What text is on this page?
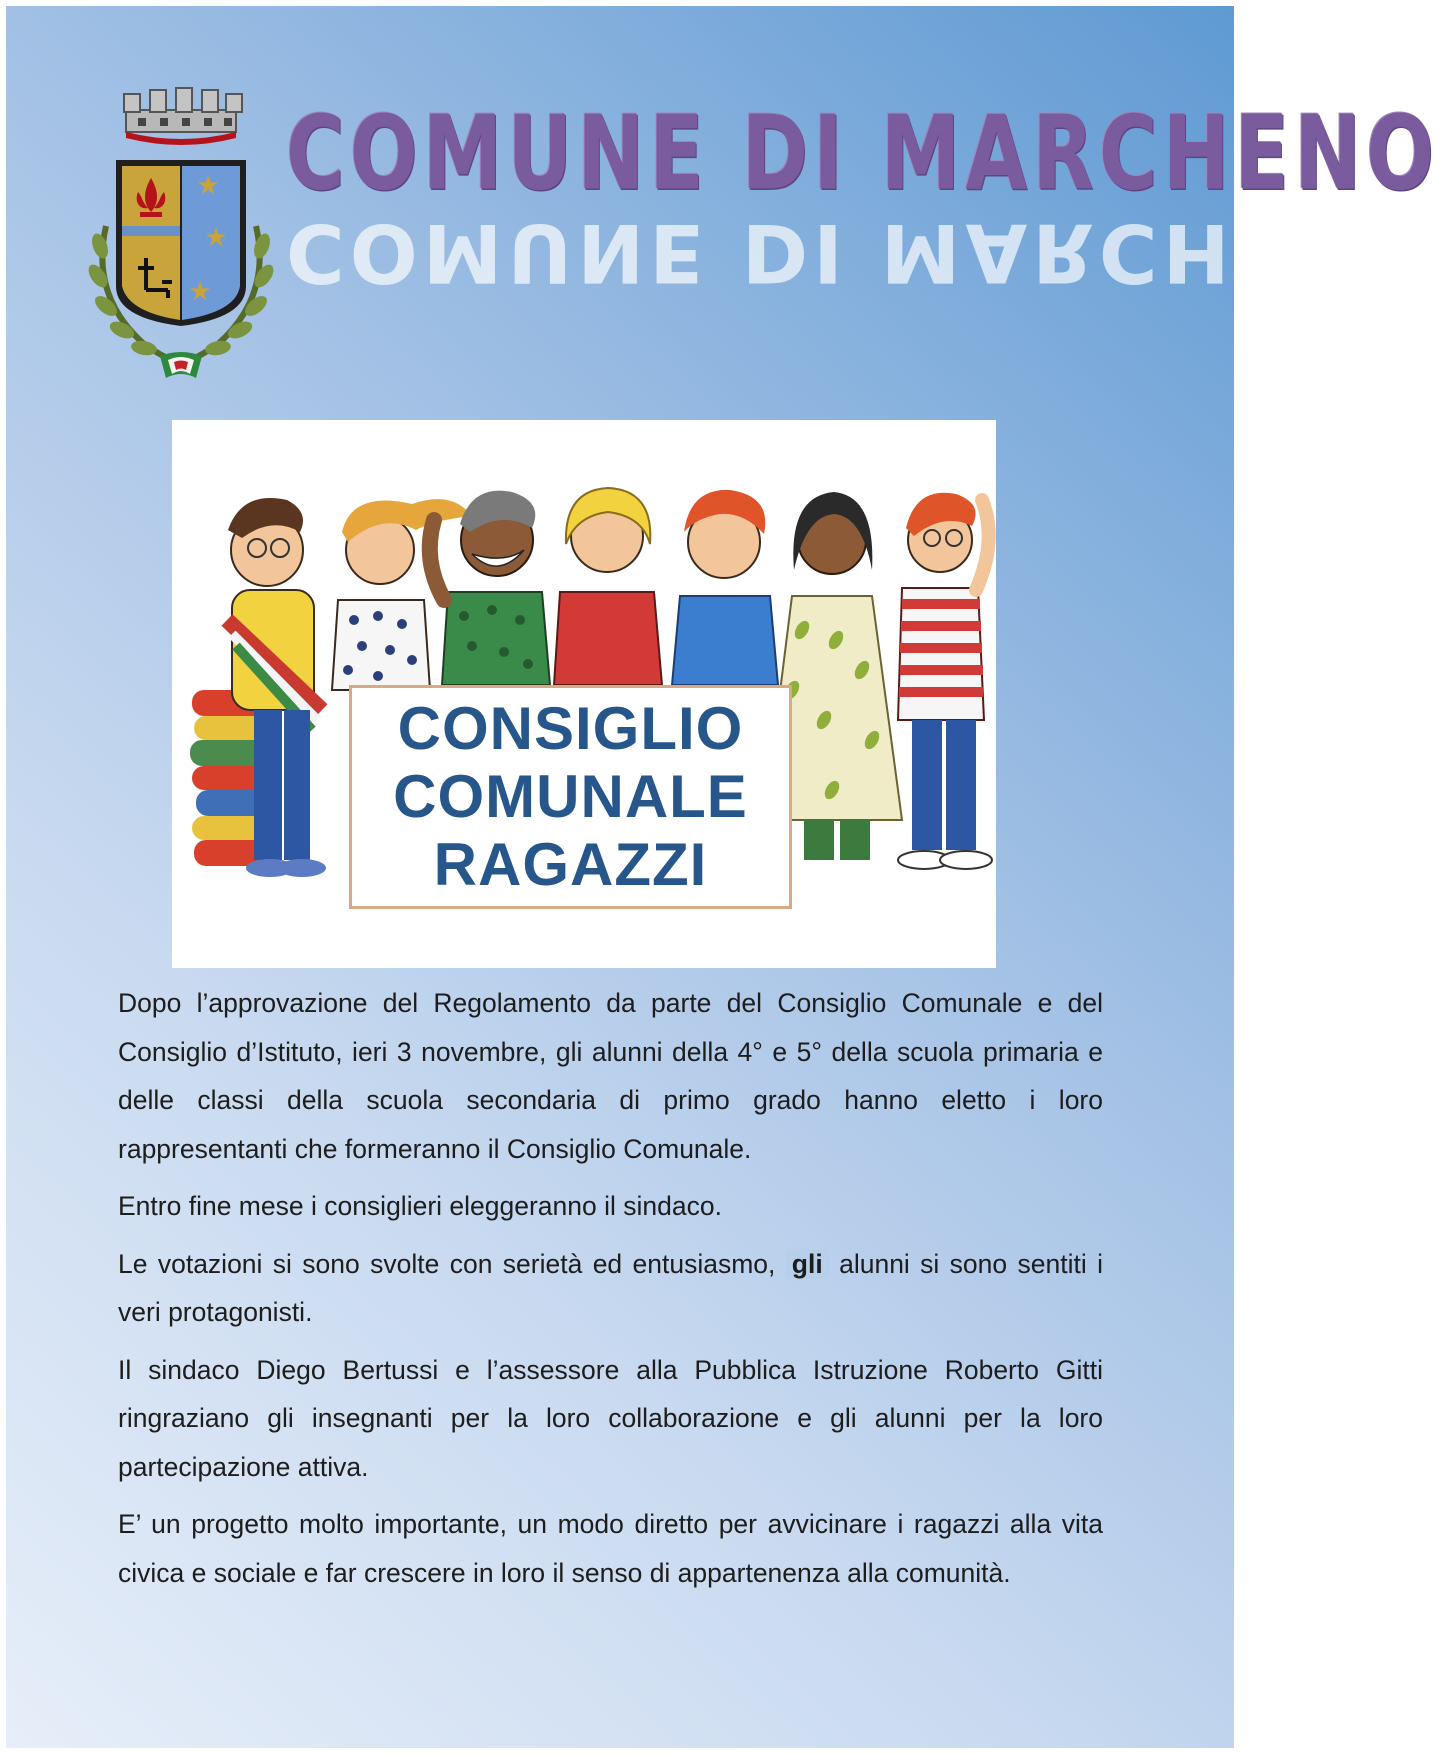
★
★
★
COMUNE DI MARCHENO
COMUNE DI MARCHENO
CONSIGLIO
COMUNALE
RAGAZZI

Dopo l’approvazione del Regolamento da parte del Consiglio Comunale e del Consiglio d’Istituto, ieri 3 novembre, gli alunni della 4° e 5° della scuola primaria e delle classi della scuola secondaria di primo grado hanno eletto i loro rappresentanti che formeranno il Consiglio Comunale.

Entro fine mese i consiglieri eleggeranno il sindaco.

Le votazioni si sono svolte con serietà ed entusiasmo, gli alunni si sono sentiti i veri protagonisti.

Il sindaco Diego Bertussi e l’assessore alla Pubblica Istruzione Roberto Gitti ringraziano gli insegnanti per la loro collaborazione e gli alunni per la loro partecipazione attiva.

E’ un progetto molto importante, un modo diretto per avvicinare i ragazzi alla vita civica e sociale e far crescere in loro il senso di appartenenza alla comunità.
